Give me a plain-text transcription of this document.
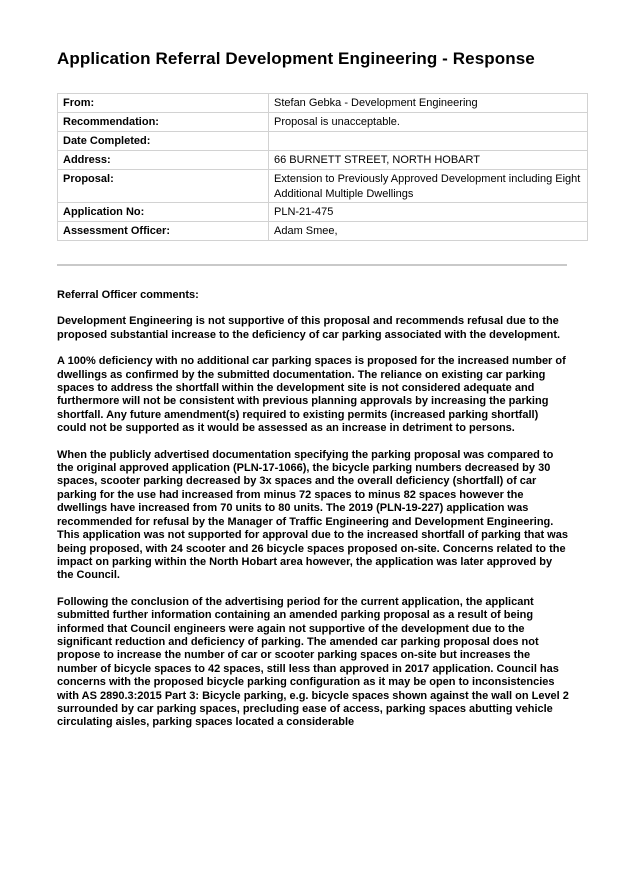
Application Referral Development Engineering - Response
From:	Stefan Gebka - Development Engineering
Recommendation:	Proposal is unacceptable.
Date Completed:	
Address:	66 BURNETT STREET, NORTH HOBART
Proposal:	Extension to Previously Approved Development including Eight Additional Multiple Dwellings
Application No:	PLN-21-475
Assessment Officer:	Adam Smee,
Referral Officer comments:

Development Engineering is not supportive of this proposal and recommends refusal due to the proposed substantial increase to the deficiency of car parking associated with the development.

A 100% deficiency with no additional car parking spaces is proposed for the increased number of dwellings as confirmed by the submitted documentation. The reliance on existing car parking spaces to address the shortfall within the development site is not considered adequate and furthermore will not be consistent with previous planning approvals by increasing the parking shortfall. Any future amendment(s) required to existing permits (increased parking shortfall) could not be supported as it would be assessed as an increase in detriment to persons.

When the publicly advertised documentation specifying the parking proposal was compared to the original approved application (PLN-17-1066), the bicycle parking numbers decreased by 30 spaces, scooter parking decreased by 3x spaces and the overall deficiency (shortfall) of car parking for the use had increased from minus 72 spaces to minus 82 spaces however the dwellings have increased from 70 units to 80 units. The 2019 (PLN-19-227) application was recommended for refusal by the Manager of Traffic Engineering and Development Engineering. This application was not supported for approval due to the increased shortfall of parking that was being proposed, with 24 scooter and 26 bicycle spaces proposed on-site. Concerns related to the impact on parking within the North Hobart area however, the application was later approved by the Council.

Following the conclusion of the advertising period for the current application, the applicant submitted further information containing an amended parking proposal as a result of being informed that Council engineers were again not supportive of the development due to the significant reduction and deficiency of parking. The amended car parking proposal does not propose to increase the number of car or scooter parking spaces on-site but increases the number of bicycle spaces to 42 spaces, still less than approved in 2017 application. Council has concerns with the proposed bicycle parking configuration as it may be open to inconsistencies with AS 2890.3:2015 Part 3: Bicycle parking, e.g. bicycle spaces shown against the wall on Level 2 surrounded by car parking spaces, precluding ease of access, parking spaces abutting vehicle circulating aisles, parking spaces located a considerable
